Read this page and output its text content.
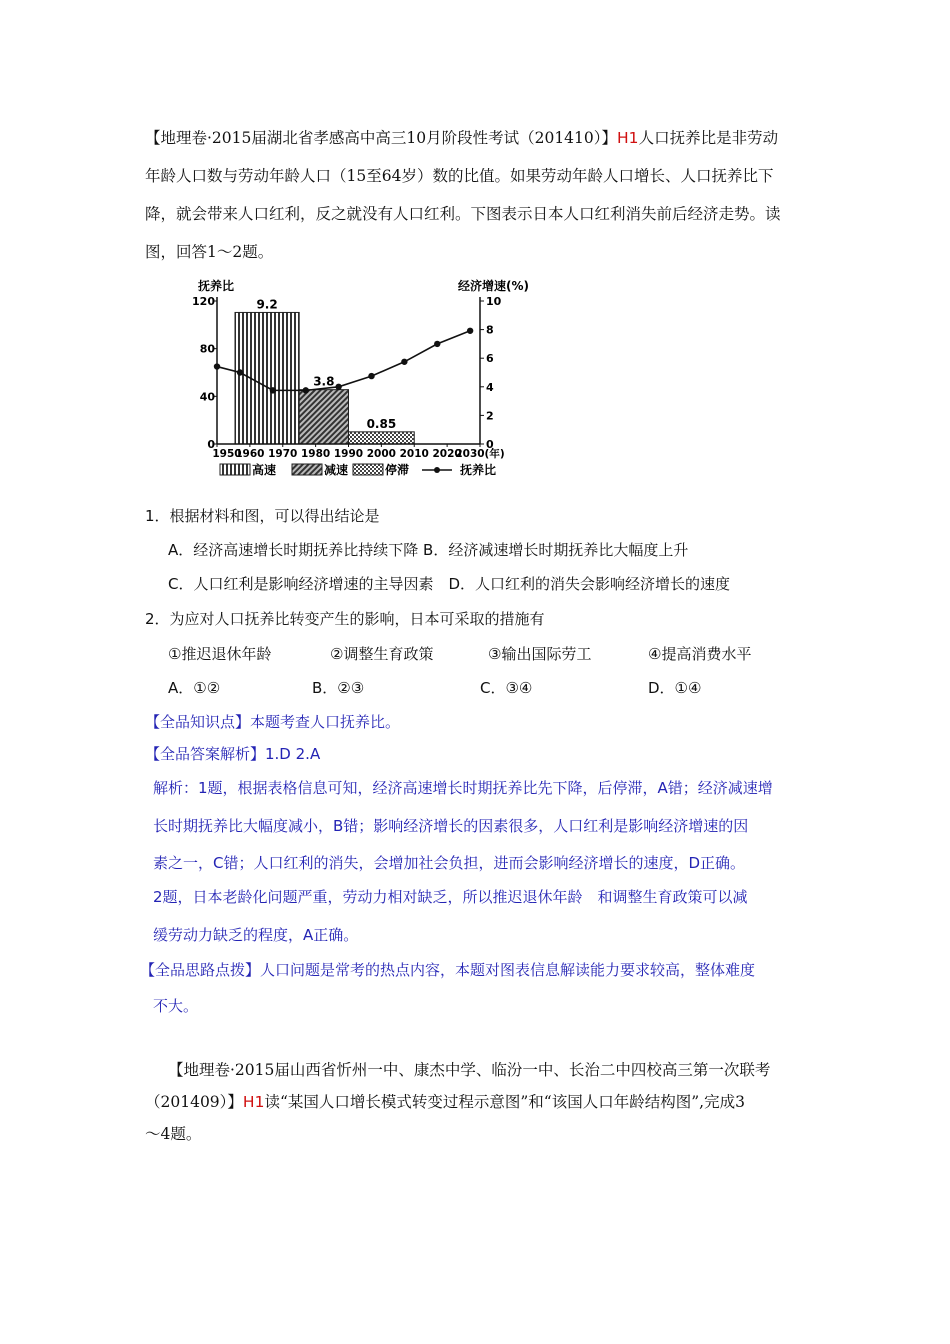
【地理卷·2015届湖北省孝感高中高三10月阶段性考试（201410）】H1人口抚养比是非劳动
年龄人口数与劳动年龄人口（15至64岁）数的比值。如果劳动年龄人口增长、人口抚养比下
降，就会带来人口红利，反之就没有人口红利。下图表示日本人口红利消失前后经济走势。读
图，回答1～2题。
抚养比	经济增速(%)
9.2
3.8
0.85
0
40
80
120
0
2
4
6
8
10
1950
1960 1970 1980 1990 2000 2010 2020
2030(年)
高速	减速	停滞	抚养比
1．根据材料和图，可以得出结论是
A．经济高速增长时期抚养比持续下降 B．经济减速增长时期抚养比大幅度上升
C．人口红利是影响经济增速的主导因素　D．人口红利的消失会影响经济增长的速度
2．为应对人口抚养比转变产生的影响，日本可采取的措施有
①推迟退休年龄	②调整生育政策	③输出国际劳工	④提高消费水平
A．①②	B．②③	C．③④	D．①④
【全品知识点】本题考查人口抚养比。
【全品答案解析】1.D 2.A
解析：1题，根据表格信息可知，经济高速增长时期抚养比先下降，后停滞，A错；经济减速增
长时期抚养比大幅度减小，B错；影响经济增长的因素很多，人口红利是影响经济增速的因
素之一，C错；人口红利的消失，会增加社会负担，进而会影响经济增长的速度，D正确。
2题，日本老龄化问题严重，劳动力相对缺乏，所以推迟退休年龄　和调整生育政策可以减
缓劳动力缺乏的程度，A正确。
【全品思路点拨】人口问题是常考的热点内容，本题对图表信息解读能力要求较高，整体难度
不大。
【地理卷·2015届山西省忻州一中、康杰中学、临汾一中、长治二中四校高三第一次联考
（201409）】H1读“某国人口增长模式转变过程示意图”和“该国人口年龄结构图”,完成3
～4题。
